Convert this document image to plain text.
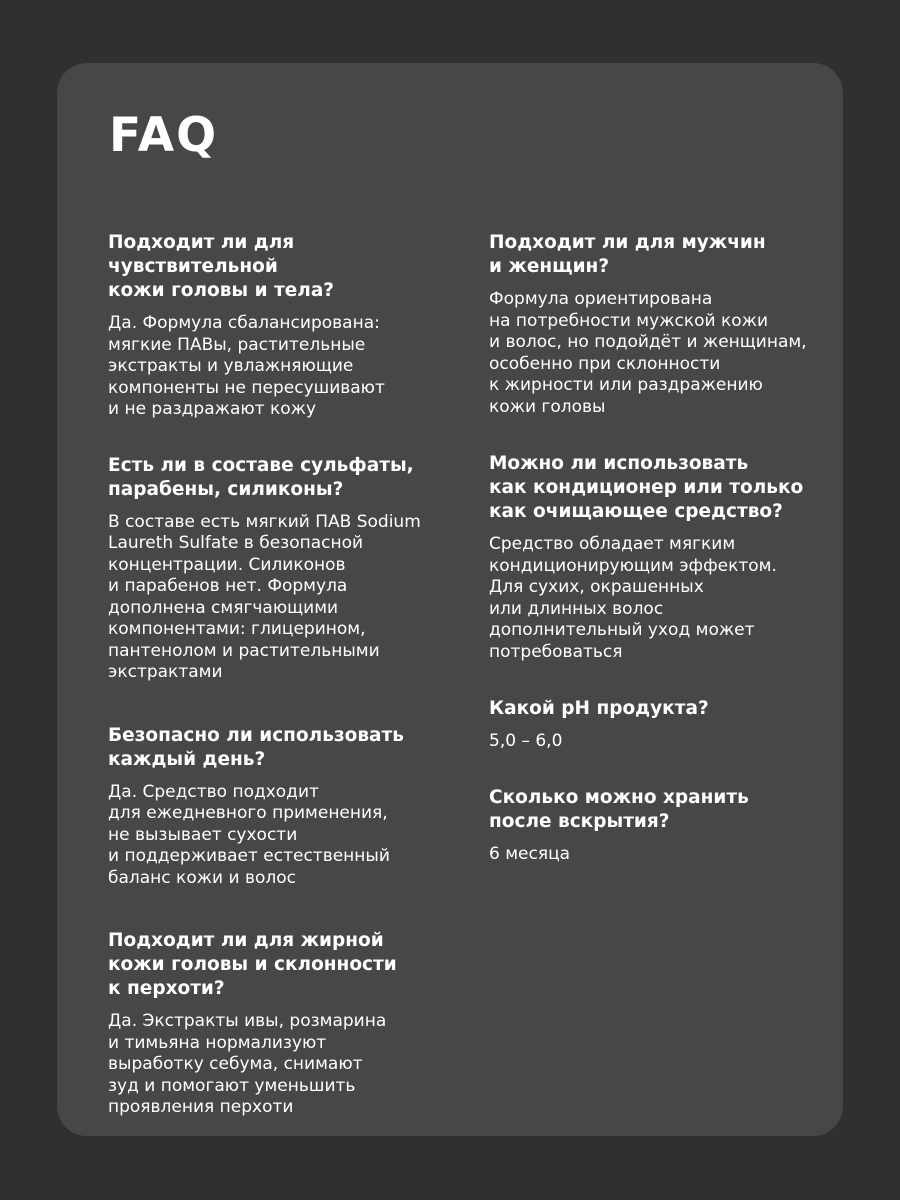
FAQ

Подходит ли для чувствительной
кожи головы и тела?

Да. Формула сбалансирована:
мягкие ПАВы, растительные
экстракты и увлажняющие
компоненты не пересушивают
и не раздражают кожу

Есть ли в составе сульфаты,
парабены, силиконы?

В составе есть мягкий ПАВ Sodium
Laureth Sulfate в безопасной
концентрации. Силиконов
и парабенов нет. Формула
дополнена смягчающими
компонентами: глицерином,
пантенолом и растительными
экстрактами

Безопасно ли использовать
каждый день?

Да. Средство подходит
для ежедневного применения,
не вызывает сухости
и поддерживает естественный
баланс кожи и волос

Подходит ли для жирной
кожи головы и склонности
к перхоти?

Да. Экстракты ивы, розмарина
и тимьяна нормализуют
выработку себума, снимают
зуд и помогают уменьшить
проявления перхоти

Подходит ли для мужчин
и женщин?

Формула ориентирована
на потребности мужской кожи
и волос, но подойдёт и женщинам,
особенно при склонности
к жирности или раздражению
кожи головы

Можно ли использовать
как кондиционер или только
как очищающее средство?

Средство обладает мягким
кондиционирующим эффектом.
Для сухих, окрашенных
или длинных волос
дополнительный уход может
потребоваться

Какой pH продукта?

5,0 – 6,0

Сколько можно хранить
после вскрытия?

6 месяца
